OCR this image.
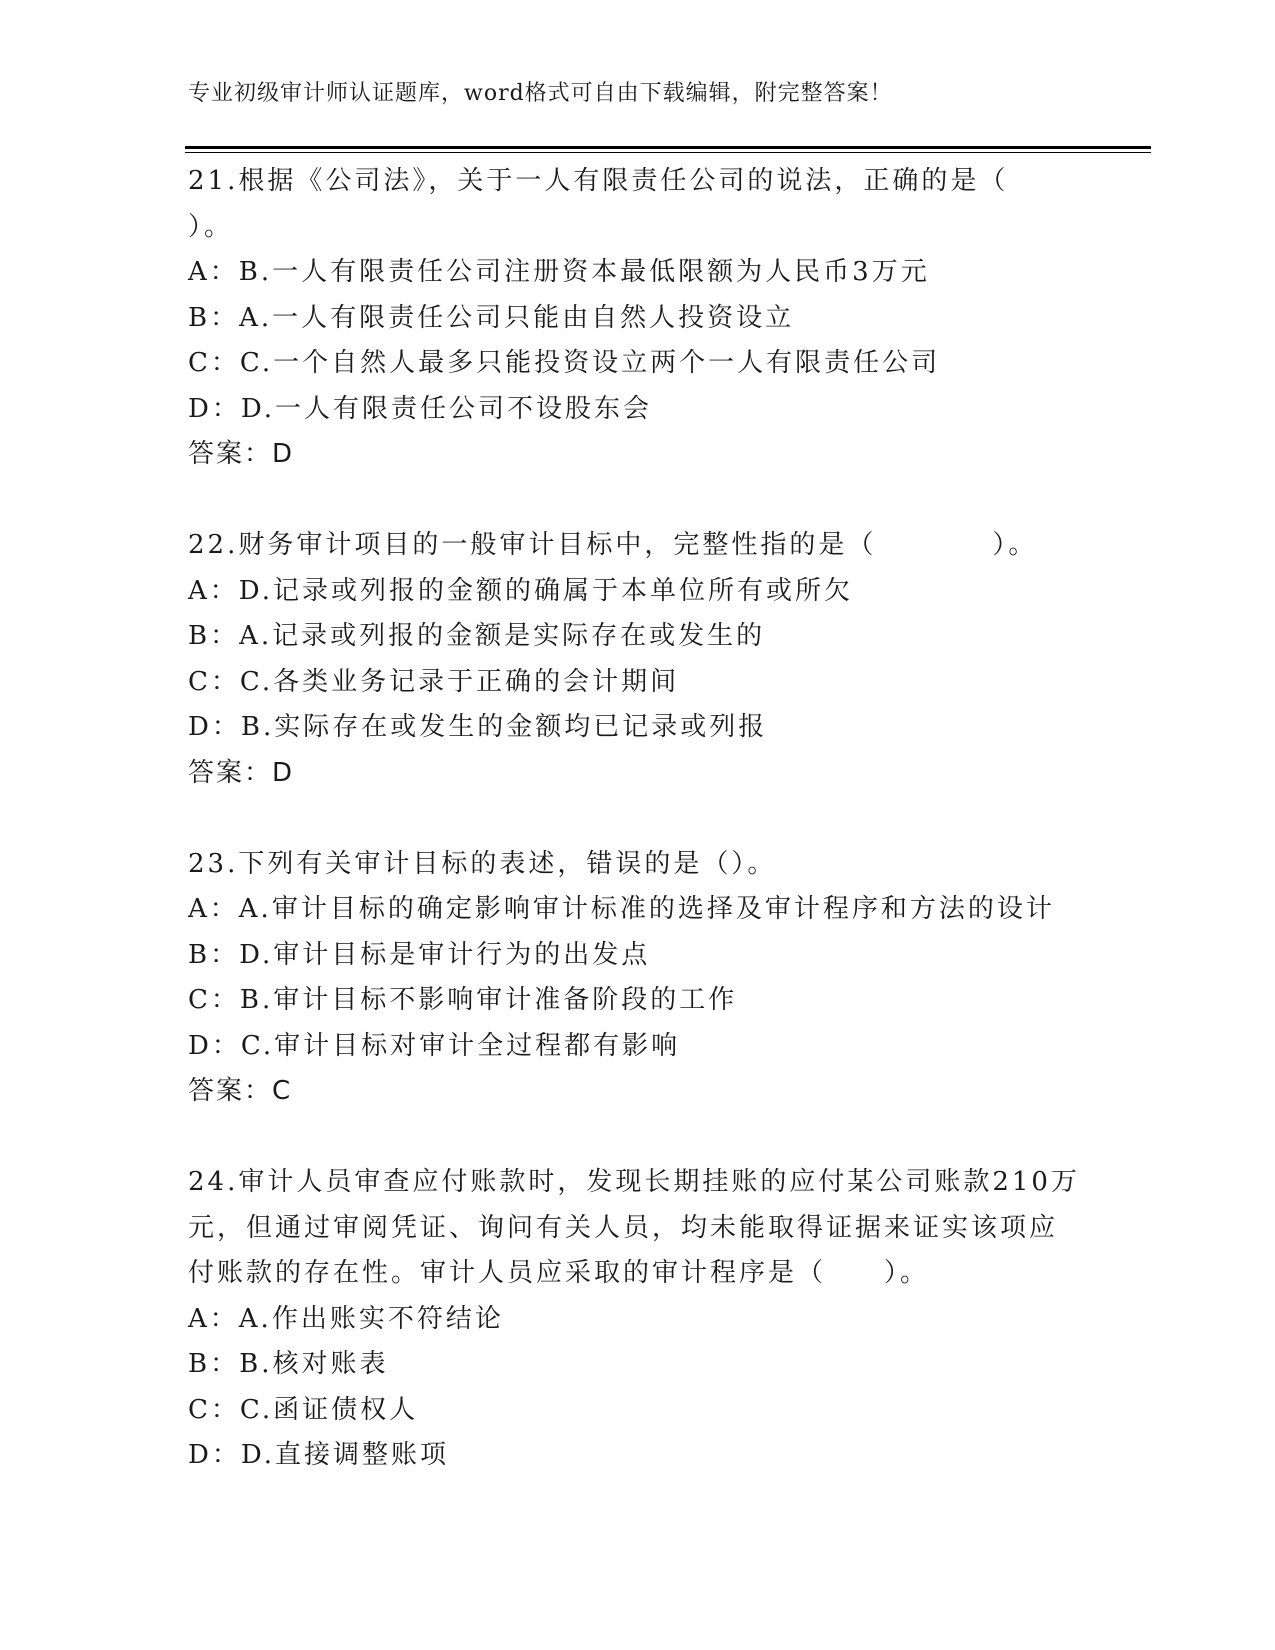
专业初级审计师认证题库，word格式可自由下载编辑，附完整答案！
21.根据《公司法》，关于一人有限责任公司的说法，正确的是（
）。
A：B.一人有限责任公司注册资本最低限额为人民币3万元
B：A.一人有限责任公司只能由自然人投资设立
C：C.一个自然人最多只能投资设立两个一人有限责任公司
D：D.一人有限责任公司不设股东会
答案：D
22.财务审计项目的一般审计目标中，完整性指的是（　　　　）。
A：D.记录或列报的金额的确属于本单位所有或所欠
B：A.记录或列报的金额是实际存在或发生的
C：C.各类业务记录于正确的会计期间
D：B.实际存在或发生的金额均已记录或列报
答案：D
23.下列有关审计目标的表述，错误的是（）。
A：A.审计目标的确定影响审计标准的选择及审计程序和方法的设计
B：D.审计目标是审计行为的出发点
C：B.审计目标不影响审计准备阶段的工作
D：C.审计目标对审计全过程都有影响
答案：C
24.审计人员审查应付账款时，发现长期挂账的应付某公司账款210万
元，但通过审阅凭证、询问有关人员，均未能取得证据来证实该项应
付账款的存在性。审计人员应采取的审计程序是（　　）。
A：A.作出账实不符结论
B：B.核对账表
C：C.函证债权人
D：D.直接调整账项
